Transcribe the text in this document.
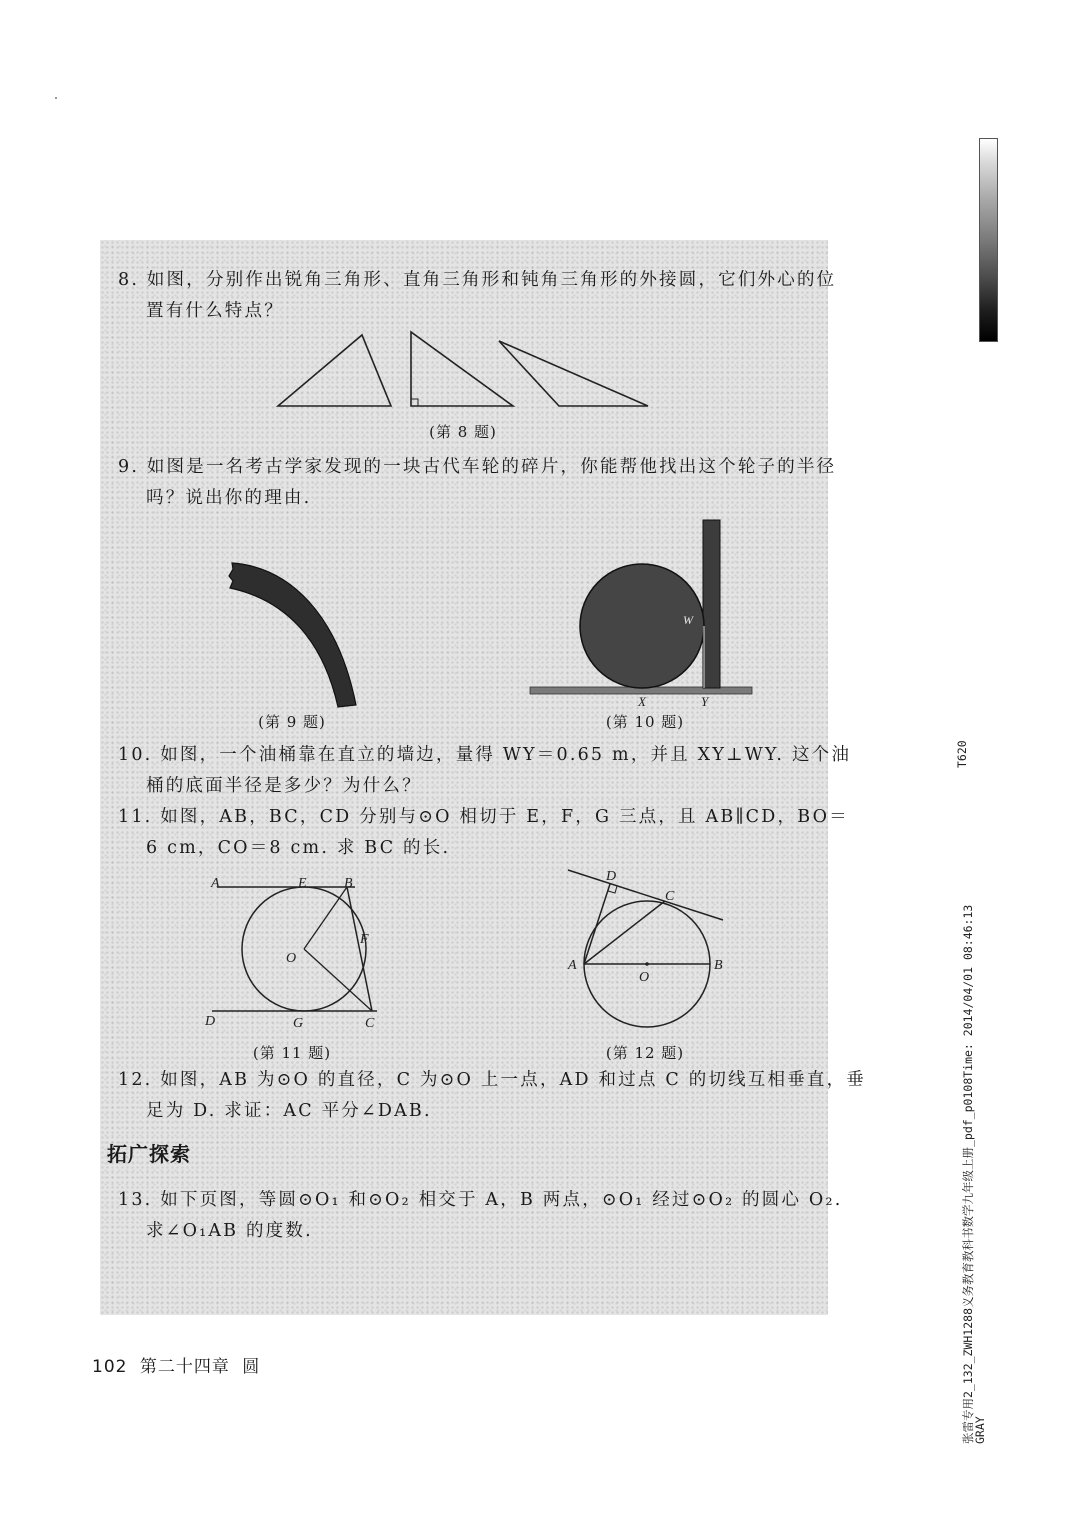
8. 如图，分别作出锐角三角形、直角三角形和钝角三角形的外接圆，它们外心的位
置有什么特点？
(第 8 题)
9. 如图是一名考古学家发现的一块古代车轮的碎片，你能帮他找出这个轮子的半径
吗？说出你的理由.
(第 9 题)
W
X	Y
(第 10 题)
10. 如图，一个油桶靠在直立的墙边，量得 WY＝0.65 m，并且 XY⊥WY. 这个油
桶的底面半径是多少？为什么？
11. 如图，AB，BC，CD 分别与⊙O 相切于 E，F，G 三点，且 AB∥CD，BO＝
6 cm，CO＝8 cm. 求 BC 的长.
A	E	B
F
O
D	G	C
(第 11 题)
D
C
A
O
B
(第 12 题)
12. 如图，AB 为⊙O 的直径，C 为⊙O 上一点，AD 和过点 C 的切线互相垂直，垂
足为 D. 求证：AC 平分∠DAB.
拓广探索
13. 如下页图，等圆⊙O₁ 和⊙O₂ 相交于 A，B 两点，⊙O₁ 经过⊙O₂ 的圆心 O₂.
求∠O₁AB 的度数.
102 第二十四章 圆
T620
张雷专用2_132_ZWH1288义务教育教科书数学九年级上册_pdf_p0108Time: 2014/04/01 08:46:13
GRAY
